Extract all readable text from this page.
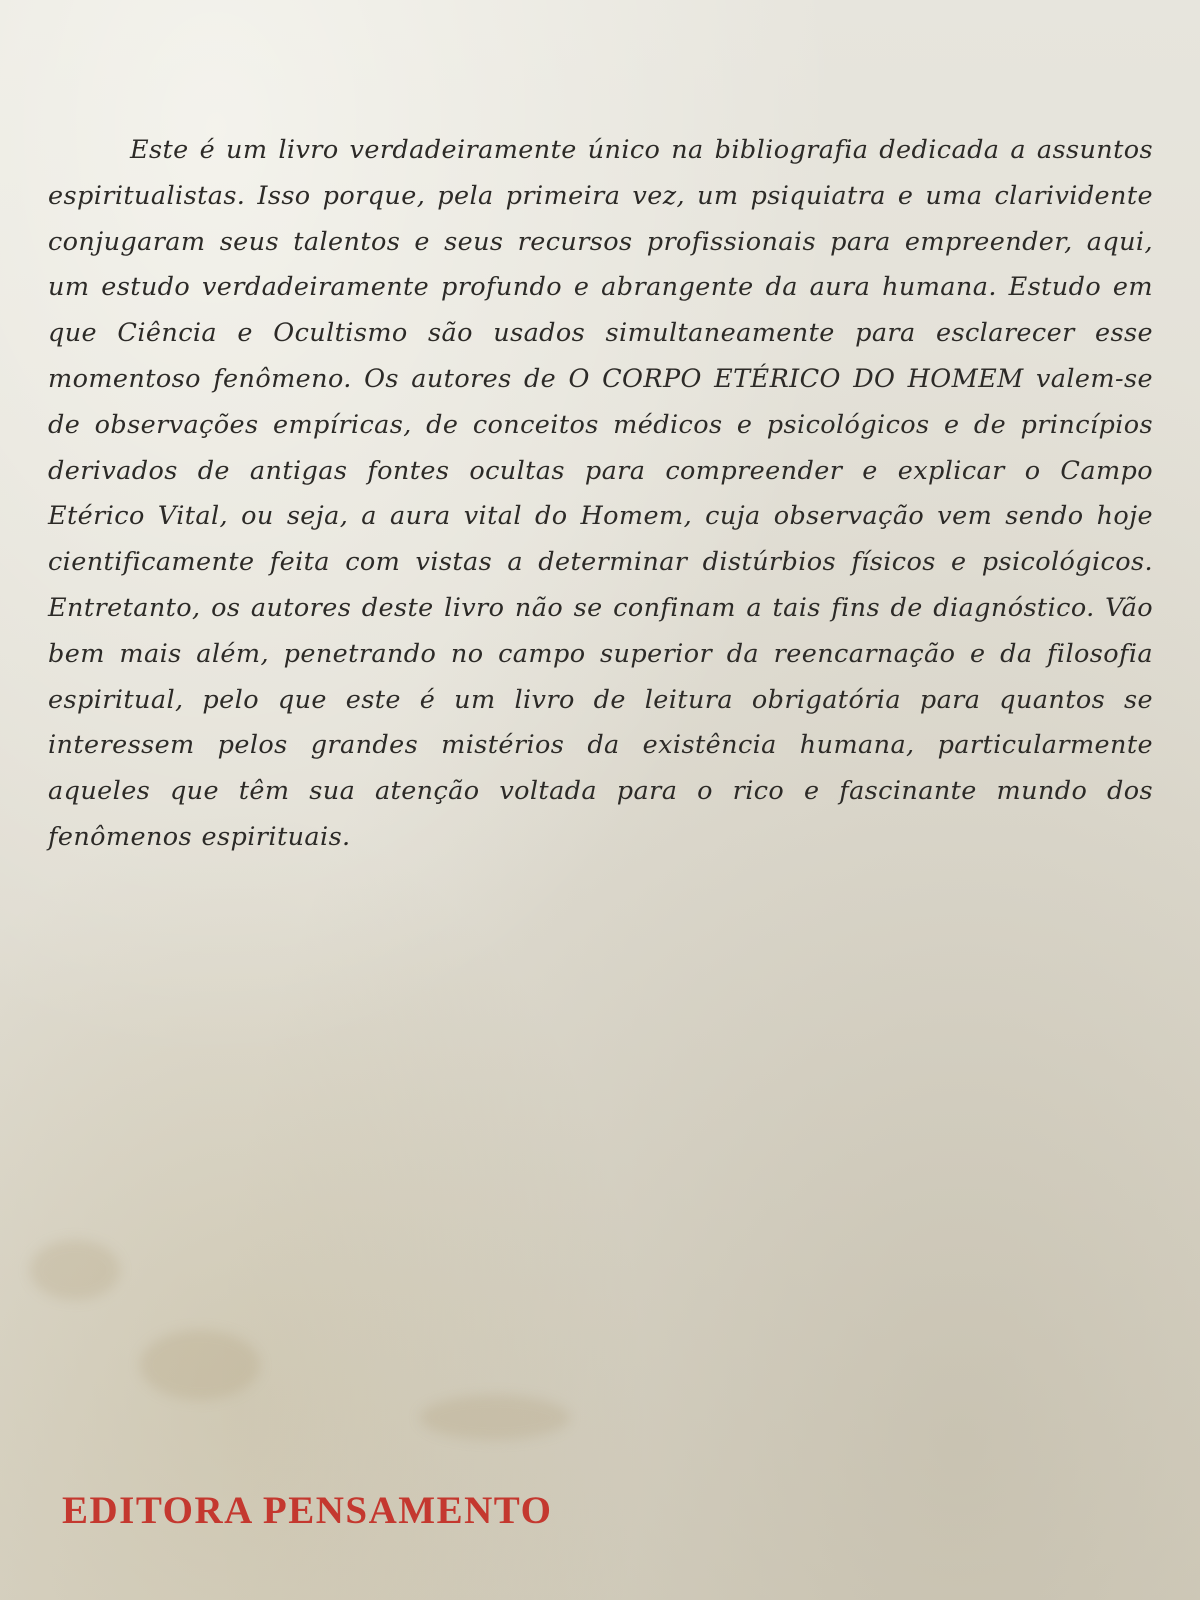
Este é um livro verdadeiramente único na bibliografia dedicada a assuntos espiritualistas. Isso porque, pela primeira vez, um psiquiatra e uma clarividente conjugaram seus talentos e seus recursos profissionais para empreender, aqui, um estudo verdadeiramente profundo e abrangente da aura humana. Estudo em que Ciência e Ocultismo são usados simultaneamente para esclarecer esse momentoso fenômeno. Os autores de O CORPO ETÉRICO DO HOMEM valem-se de observações empíricas, de conceitos médicos e psicológicos e de princípios derivados de antigas fontes ocultas para compreender e explicar o Campo Etérico Vital, ou seja, a aura vital do Homem, cuja observação vem sendo hoje cientificamente feita com vistas a determinar distúrbios físicos e psicológicos. Entretanto, os autores deste livro não se confinam a tais fins de diagnóstico. Vão bem mais além, penetrando no campo superior da reencarnação e da filosofia espiritual, pelo que este é um livro de leitura obrigatória para quantos se interessem pelos grandes mistérios da existência humana, particularmente aqueles que têm sua atenção voltada para o rico e fascinante mundo dos fenômenos espirituais.

EDITORA PENSAMENTO
